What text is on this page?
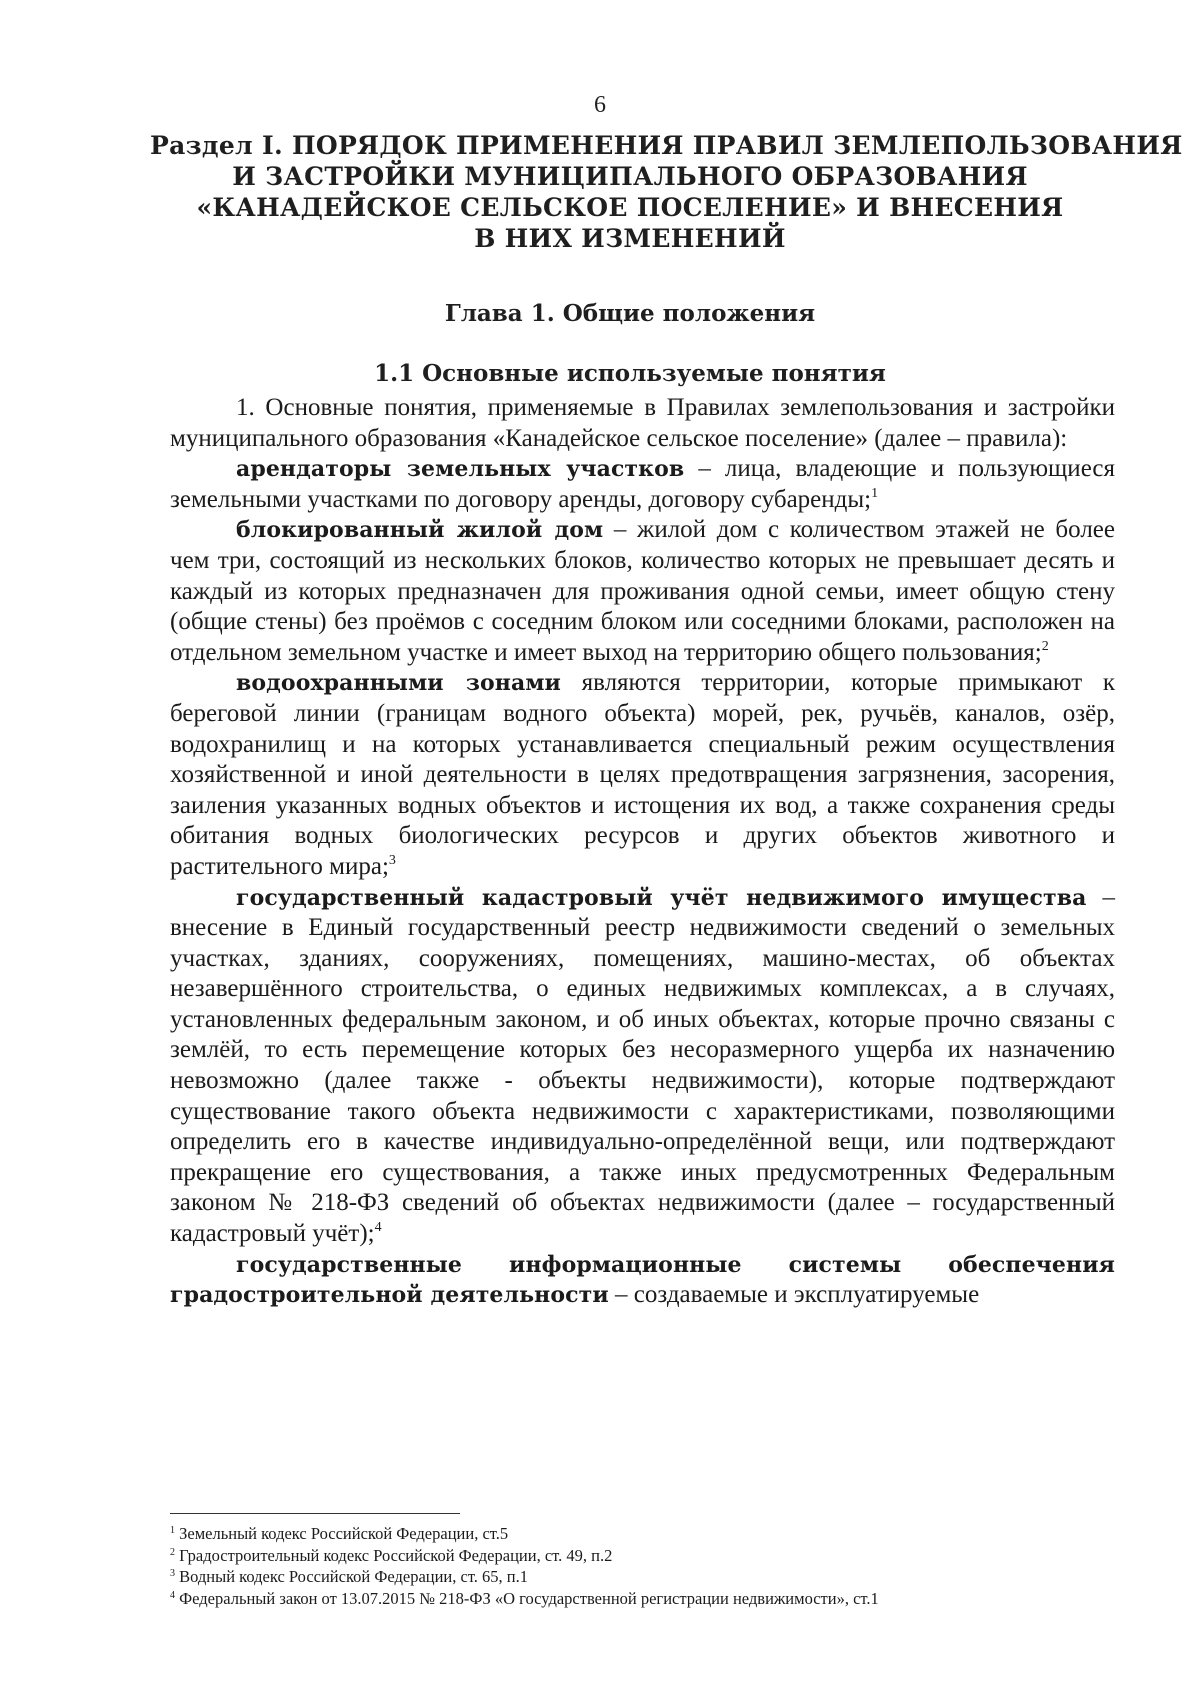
6
Раздел I. ПОРЯДОК ПРИМЕНЕНИЯ ПРАВИЛ ЗЕМЛЕПОЛЬЗОВАНИЯ
И ЗАСТРОЙКИ МУНИЦИПАЛЬНОГО ОБРАЗОВАНИЯ
«КАНАДЕЙСКОЕ СЕЛЬСКОЕ ПОСЕЛЕНИЕ» И ВНЕСЕНИЯ
В НИХ ИЗМЕНЕНИЙ
Глава 1. Общие положения
1.1 Основные используемые понятия

1. Основные понятия, применяемые в Правилах землепользования и застройки муниципального образования «Канадейское сельское поселение» (далее – правила):

арендаторы земельных участков – лица, владеющие и пользующиеся земельными участками по договору аренды, договору субаренды;$^1$

блокированный жилой дом – жилой дом с количеством этажей не более чем три, состоящий из нескольких блоков, количество которых не превышает десять и каждый из которых предназначен для проживания одной семьи, имеет общую стену (общие стены) без проёмов с соседним блоком или соседними блоками, расположен на отдельном земельном участке и имеет выход на территорию общего пользования;$^2$

водоохранными зонами являются территории, которые примыкают к береговой линии (границам водного объекта) морей, рек, ручьёв, каналов, озёр, водохранилищ и на которых устанавливается специальный режим осуществления хозяйственной и иной деятельности в целях предотвращения загрязнения, засорения, заиления указанных водных объектов и истощения их вод, а также сохранения среды обитания водных биологических ресурсов и других объектов животного и растительного мира;$^3$

государственный кадастровый учёт недвижимого имущества – внесение в Единый государственный реестр недвижимости сведений о земельных участках, зданиях, сооружениях, помещениях, машино-местах, об объектах незавершённого строительства, о единых недвижимых комплексах, а в случаях, установленных федеральным законом, и об иных объектах, которые прочно связаны с землёй, то есть перемещение которых без несоразмерного ущерба их назначению невозможно (далее также - объекты недвижимости), которые подтверждают существование такого объекта недвижимости с характеристиками, позволяющими определить его в качестве индивидуально-определённой вещи, или подтверждают прекращение его существования, а также иных предусмотренных Федеральным законом № 218-ФЗ сведений об объектах недвижимости (далее – государственный кадастровый учёт);$^4$

государственные информационные системы обеспечения градостроительной деятельности – создаваемые и эксплуатируемые

$^1$ Земельный кодекс Российской Федерации, ст.5
$^2$ Градостроительный кодекс Российской Федерации, ст. 49, п.2
$^3$ Водный кодекс Российской Федерации, ст. 65, п.1
$^4$ Федеральный закон от 13.07.2015 № 218-ФЗ «О государственной регистрации недвижимости», ст.1
